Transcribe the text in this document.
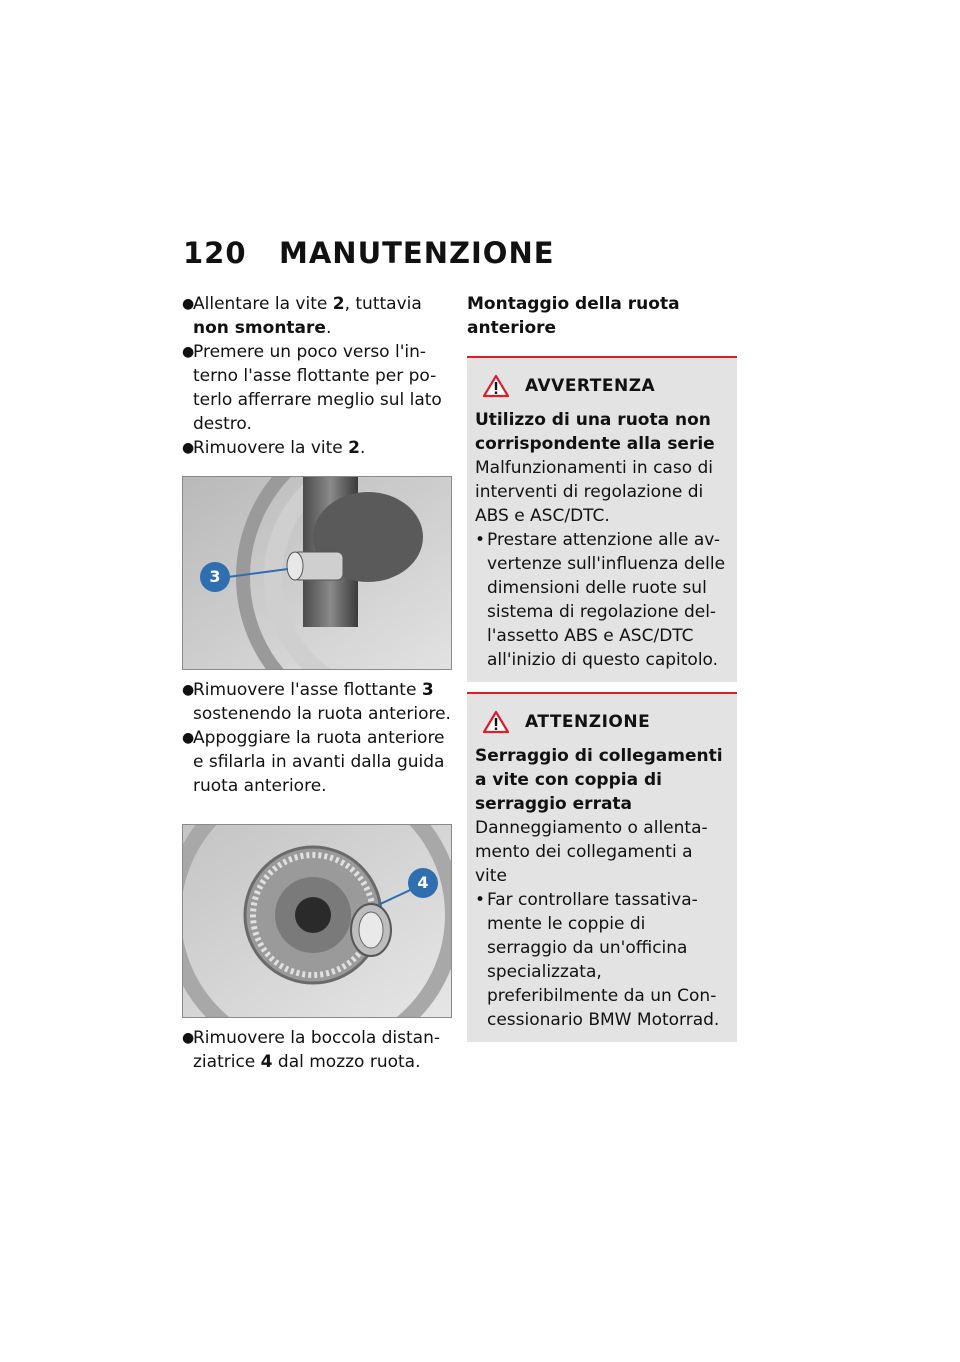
120 MANUTENZIONE
●
Allentare la vite 2, tuttavia non smontare.
●
Premere un poco verso l'in-terno l'asse flottante per po-terlo afferrare meglio sul lato destro.
●
Rimuovere la vite 2.
3
●
Rimuovere l'asse flottante 3 sostenendo la ruota anteriore.
●
Appoggiare la ruota anteriore e sfilarla in avanti dalla guida ruota anteriore.
4
●
Rimuovere la boccola distan-ziatrice 4 dal mozzo ruota.
Montaggio della ruota anteriore
AVVERTENZA
Utilizzo di una ruota non corrispondente alla serie
Malfunzionamenti in caso di interventi di regolazione di ABS e ASC/DTC.
• Prestare attenzione alle av-vertenze sull'influenza delle dimensioni delle ruote sul sistema di regolazione del-l'assetto ABS e ASC/DTC all'inizio di questo capitolo.
ATTENZIONE
Serraggio di collegamenti a vite con coppia di serraggio errata
Danneggiamento o allenta-mento dei collegamenti a vite
• Far controllare tassativa-mente le coppie di serraggio da un'officina specializzata, preferibilmente da un Con-cessionario BMW Motorrad.
